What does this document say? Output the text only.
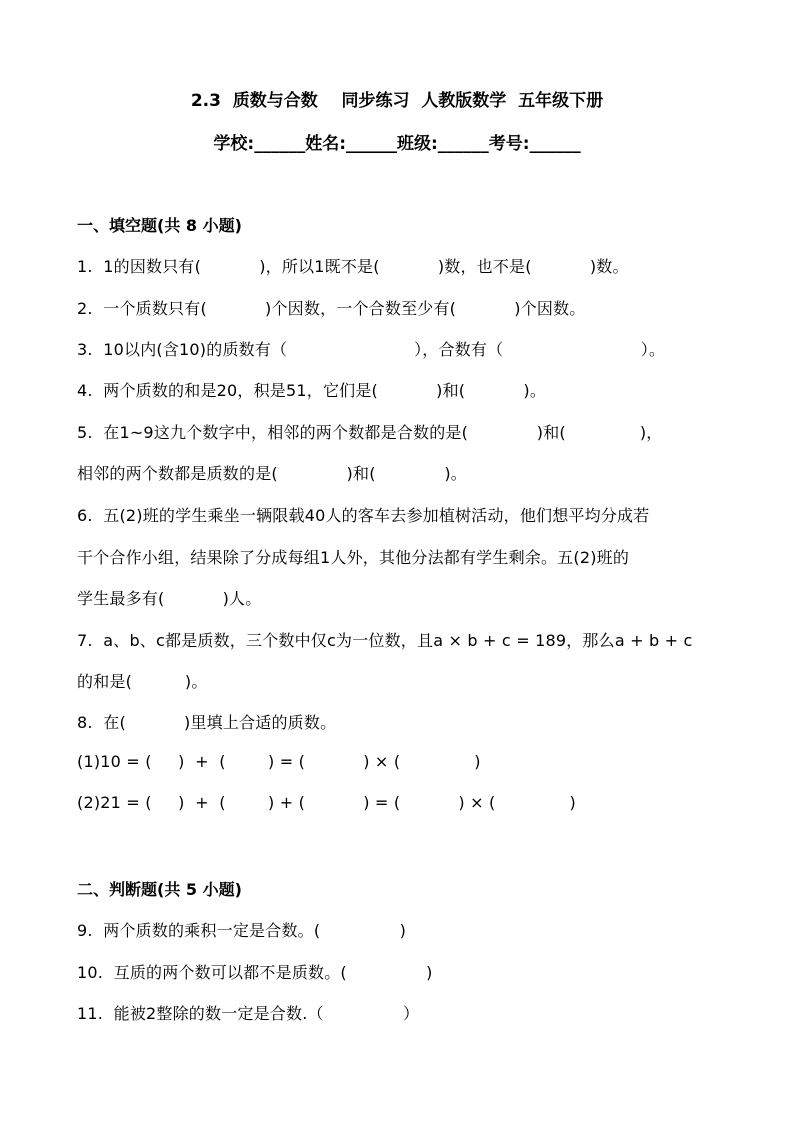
2.3  质数与合数    同步练习  人教版数学  五年级下册
学校:______姓名:______班级:______考号:______
一、填空题(共 8 小题)
1.  1的因数只有(           )，所以1既不是(           )数，也不是(           )数。
2.  一个质数只有(           )个因数，一个合数至少有(           )个因数。
3.  10以内(含10)的质数有（                        ），合数有（                          ）。
4.  两个质数的和是20，积是51，它们是(           )和(           )。
5.  在1~9这九个数字中，相邻的两个数都是合数的是(             )和(              )，
相邻的两个数都是质数的是(             )和(             )。
6.  五(2)班的学生乘坐一辆限载40人的客车去参加植树活动，他们想平均分成若
干个合作小组，结果除了分成每组1人外，其他分法都有学生剩余。五(2)班的
学生最多有(           )人。
7.  a、b、c都是质数，三个数中仅c为一位数，且a × b + c = 189，那么a + b + c
的和是(          )。
8.  在(           )里填上合适的质数。
(1)10 = (     )  +  (        ) = (           ) × (              )
(2)21 = (     )  +  (        ) + (           ) = (           ) × (              )
二、判断题(共 5 小题)
9.  两个质数的乘积一定是合数。(               )
10.  互质的两个数可以都不是质数。(               )
11.  能被2整除的数一定是合数.（               ）
